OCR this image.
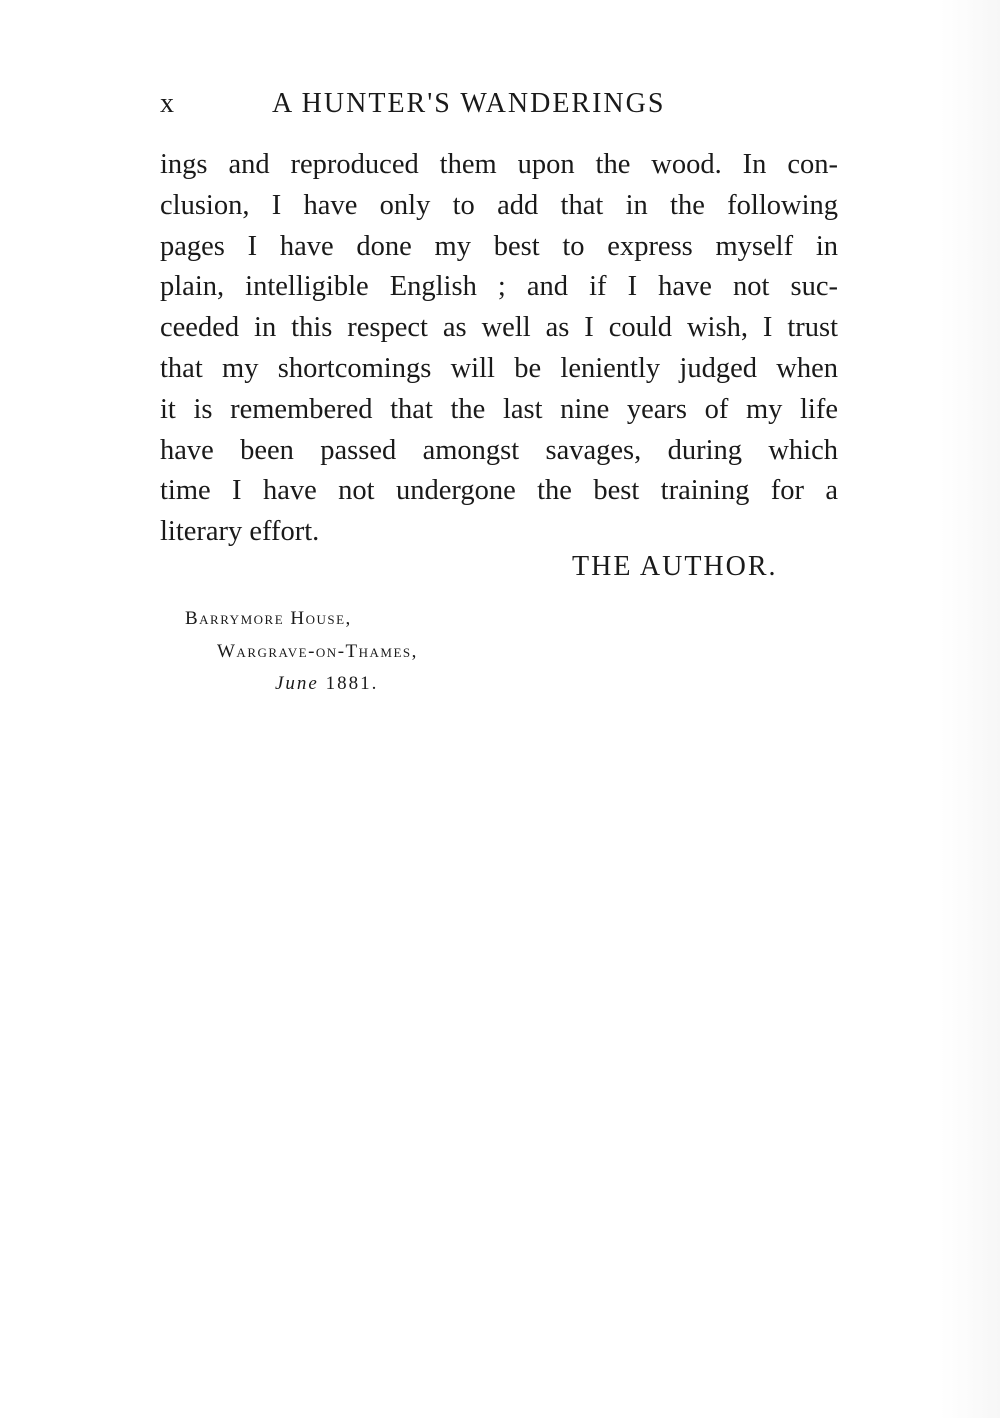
x	A HUNTER'S WANDERINGS
ings and reproduced them upon the wood. In con-
clusion, I have only to add that in the following
pages I have done my best to express myself in
plain, intelligible English ; and if I have not suc-
ceeded in this respect as well as I could wish, I trust
that my shortcomings will be leniently judged when
it is remembered that the last nine years of my life
have been passed amongst savages, during which
time I have not undergone the best training for a
literary effort.
THE AUTHOR.
Barrymore House,
Wargrave-on-Thames,
June 1881.
